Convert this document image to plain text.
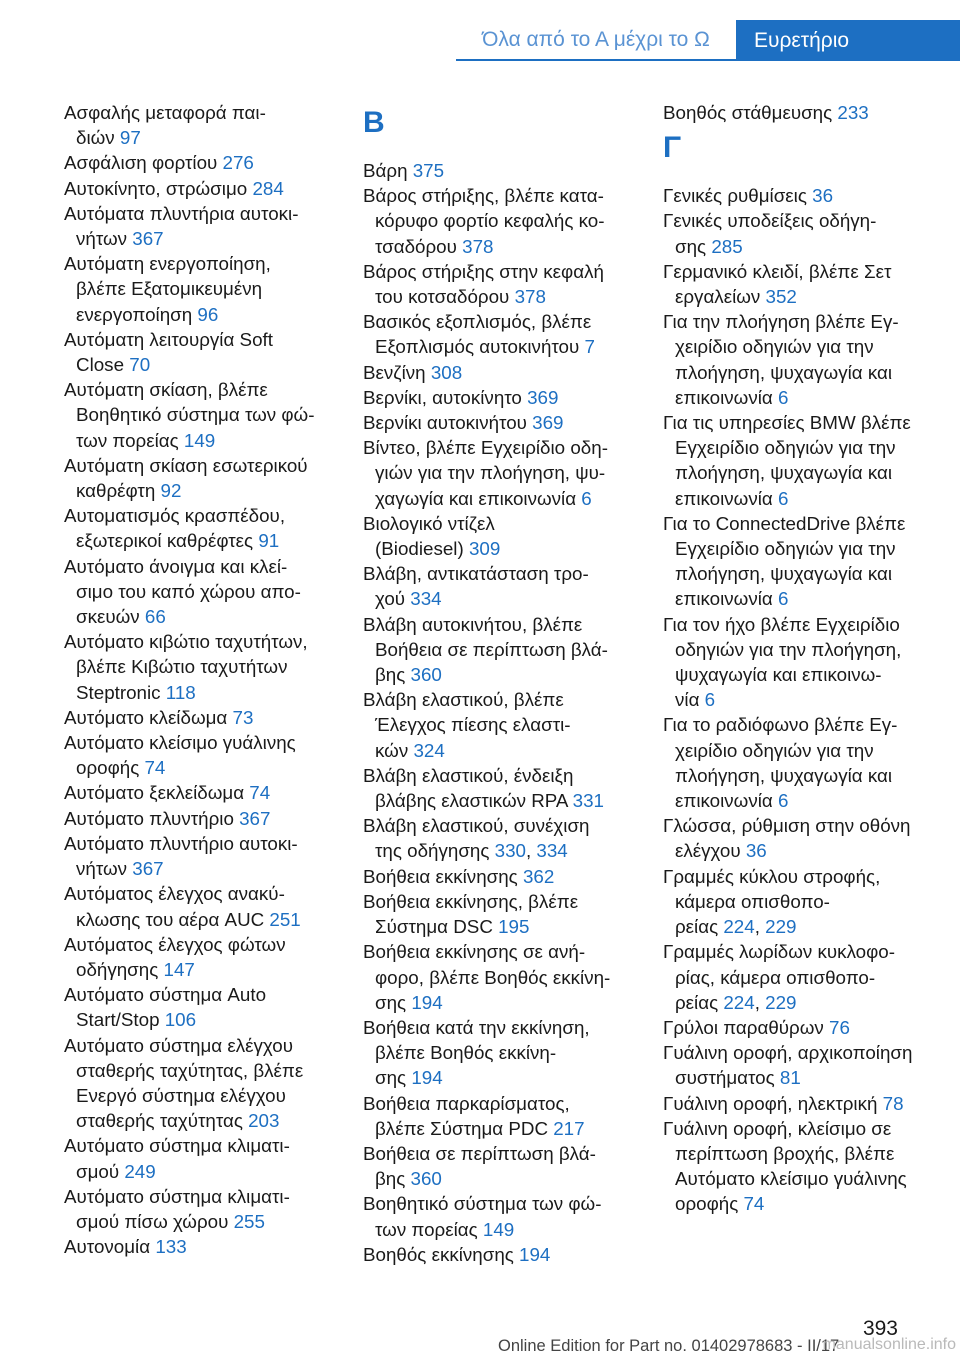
Όλα από το Α μέχρι το Ω	Ευρετήριο
Ασφαλής μεταφορά παι-
διών 97
Ασφάλιση φορτίου 276
Αυτοκίνητο, στρώσιμο 284
Αυτόματα πλυντήρια αυτοκι-
νήτων 367
Αυτόματη ενεργοποίηση,
βλέπε Εξατομικευμένη
ενεργοποίηση 96
Αυτόματη λειτουργία Soft
Close 70
Αυτόματη σκίαση, βλέπε
Βοηθητικό σύστημα των φώ-
των πορείας 149
Αυτόματη σκίαση εσωτερικού
καθρέφτη 92
Αυτοματισμός κρασπέδου,
εξωτερικοί καθρέφτες 91
Αυτόματο άνοιγμα και κλεί-
σιμο του καπό χώρου απο-
σκευών 66
Αυτόματο κιβώτιο ταχυτήτων,
βλέπε Κιβώτιο ταχυτήτων
Steptronic 118
Αυτόματο κλείδωμα 73
Αυτόματο κλείσιμο γυάλινης
οροφής 74
Αυτόματο ξεκλείδωμα 74
Αυτόματο πλυντήριο 367
Αυτόματο πλυντήριο αυτοκι-
νήτων 367
Αυτόματος έλεγχος ανακύ-
κλωσης του αέρα AUC 251
Αυτόματος έλεγχος φώτων
οδήγησης 147
Αυτόματο σύστημα Auto
Start/Stop 106
Αυτόματο σύστημα ελέγχου
σταθερής ταχύτητας, βλέπε
Ενεργό σύστημα ελέγχου
σταθερής ταχύτητας 203
Αυτόματο σύστημα κλιματι-
σμού 249
Αυτόματο σύστημα κλιματι-
σμού πίσω χώρου 255
Αυτονομία 133
B
Βάρη 375
Βάρος στήριξης, βλέπε κατα-
κόρυφο φορτίο κεφαλής κο-
τσαδόρου 378
Βάρος στήριξης στην κεφαλή
του κοτσαδόρου 378
Βασικός εξοπλισμός, βλέπε
Εξοπλισμός αυτοκινήτου 7
Βενζίνη 308
Βερνίκι, αυτοκίνητο 369
Βερνίκι αυτοκινήτου 369
Βίντεο, βλέπε Εγχειρίδιο οδη-
γιών για την πλοήγηση, ψυ-
χαγωγία και επικοινωνία 6
Βιολογικό ντίζελ
(Biodiesel) 309
Βλάβη, αντικατάσταση τρο-
χού 334
Βλάβη αυτοκινήτου, βλέπε
Βοήθεια σε περίπτωση βλά-
βης 360
Βλάβη ελαστικού, βλέπε
Έλεγχος πίεσης ελαστι-
κών 324
Βλάβη ελαστικού, ένδειξη
βλάβης ελαστικών RPA 331
Βλάβη ελαστικού, συνέχιση
της οδήγησης 330, 334
Βοήθεια εκκίνησης 362
Βοήθεια εκκίνησης, βλέπε
Σύστημα DSC 195
Βοήθεια εκκίνησης σε ανή-
φορο, βλέπε Βοηθός εκκίνη-
σης 194
Βοήθεια κατά την εκκίνηση,
βλέπε Βοηθός εκκίνη-
σης 194
Βοήθεια παρκαρίσματος,
βλέπε Σύστημα PDC 217
Βοήθεια σε περίπτωση βλά-
βης 360
Βοηθητικό σύστημα των φώ-
των πορείας 149
Βοηθός εκκίνησης 194
Βοηθός στάθμευσης 233
Γ
Γενικές ρυθμίσεις 36
Γενικές υποδείξεις οδήγη-
σης 285
Γερμανικό κλειδί, βλέπε Σετ
εργαλείων 352
Για την πλοήγηση βλέπε Εγ-
χειρίδιο οδηγιών για την
πλοήγηση, ψυχαγωγία και
επικοινωνία 6
Για τις υπηρεσίες BMW βλέπε
Εγχειρίδιο οδηγιών για την
πλοήγηση, ψυχαγωγία και
επικοινωνία 6
Για το ConnectedDrive βλέπε
Εγχειρίδιο οδηγιών για την
πλοήγηση, ψυχαγωγία και
επικοινωνία 6
Για τον ήχο βλέπε Εγχειρίδιο
οδηγιών για την πλοήγηση,
ψυχαγωγία και επικοινω-
νία 6
Για το ραδιόφωνο βλέπε Εγ-
χειρίδιο οδηγιών για την
πλοήγηση, ψυχαγωγία και
επικοινωνία 6
Γλώσσα, ρύθμιση στην οθόνη
ελέγχου 36
Γραμμές κύκλου στροφής,
κάμερα οπισθοπο-
ρείας 224, 229
Γραμμές λωρίδων κυκλοφο-
ρίας, κάμερα οπισθοπο-
ρείας 224, 229
Γρύλοι παραθύρων 76
Γυάλινη οροφή, αρχικοποίηση
συστήματος 81
Γυάλινη οροφή, ηλεκτρική 78
Γυάλινη οροφή, κλείσιμο σε
περίπτωση βροχής, βλέπε
Αυτόματο κλείσιμο γυάλινης
οροφής 74
393
Online Edition for Part no. 01402978683 - II/17
manualsonline.info
